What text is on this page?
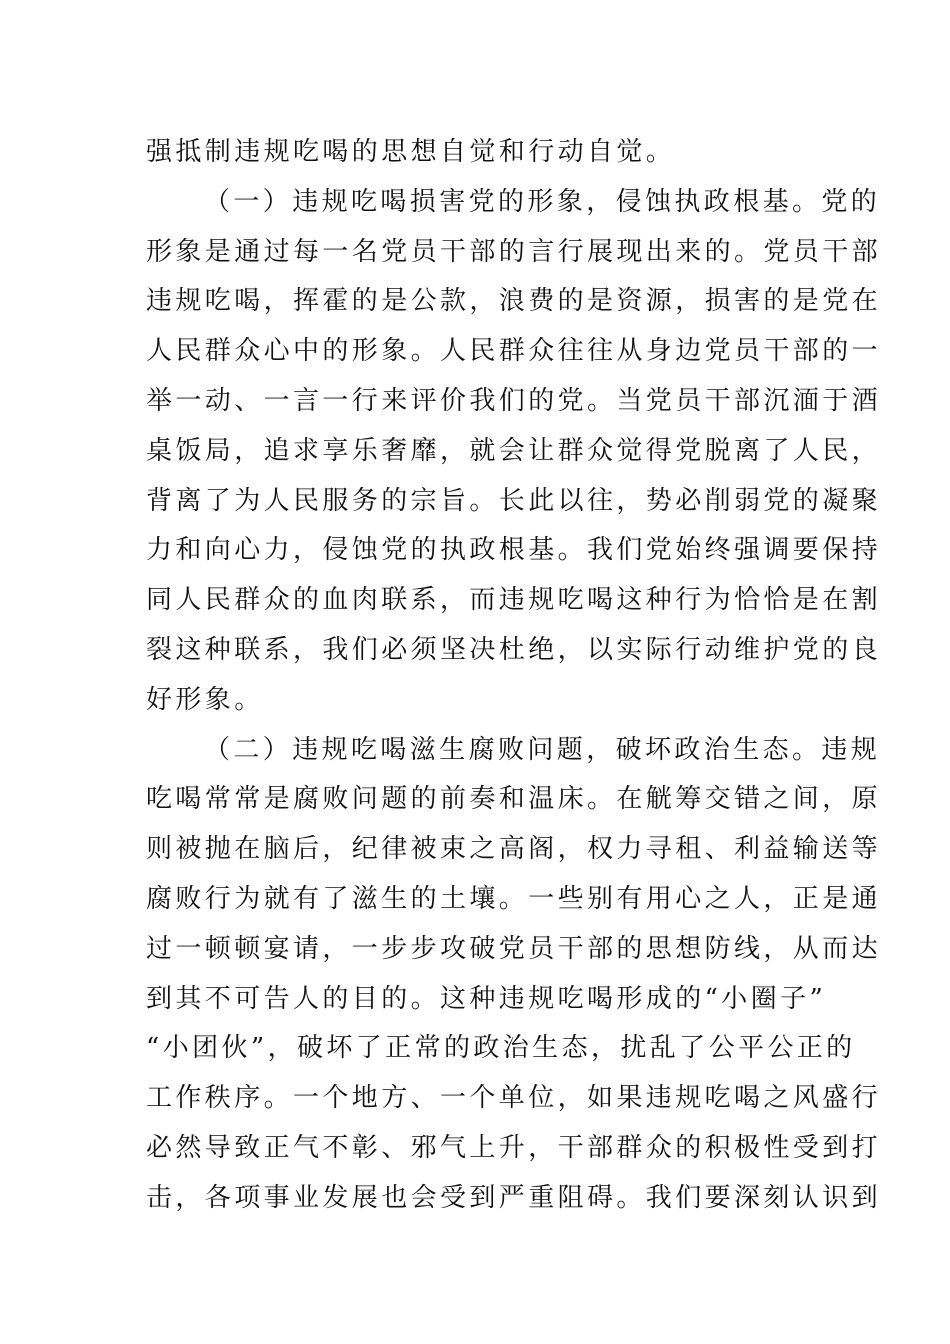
强抵制违规吃喝的思想自觉和行动自觉。
（一）违规吃喝损害党的形象，侵蚀执政根基。党的
形象是通过每一名党员干部的言行展现出来的。党员干部
违规吃喝，挥霍的是公款，浪费的是资源，损害的是党在
人民群众心中的形象。人民群众往往从身边党员干部的一
举一动、一言一行来评价我们的党。当党员干部沉湎于酒
桌饭局，追求享乐奢靡，就会让群众觉得党脱离了人民，
背离了为人民服务的宗旨。长此以往，势必削弱党的凝聚
力和向心力，侵蚀党的执政根基。我们党始终强调要保持
同人民群众的血肉联系，而违规吃喝这种行为恰恰是在割
裂这种联系，我们必须坚决杜绝，以实际行动维护党的良
好形象。
（二）违规吃喝滋生腐败问题，破坏政治生态。违规
吃喝常常是腐败问题的前奏和温床。在觥筹交错之间，原
则被抛在脑后，纪律被束之高阁，权力寻租、利益输送等
腐败行为就有了滋生的土壤。一些别有用心之人，正是通
过一顿顿宴请，一步步攻破党员干部的思想防线，从而达
到其不可告人的目的。这种违规吃喝形成的“小圈子”
“小团伙”，破坏了正常的政治生态，扰乱了公平公正的
工作秩序。一个地方、一个单位，如果违规吃喝之风盛行
必然导致正气不彰、邪气上升，干部群众的积极性受到打
击，各项事业发展也会受到严重阻碍。我们要深刻认识到
